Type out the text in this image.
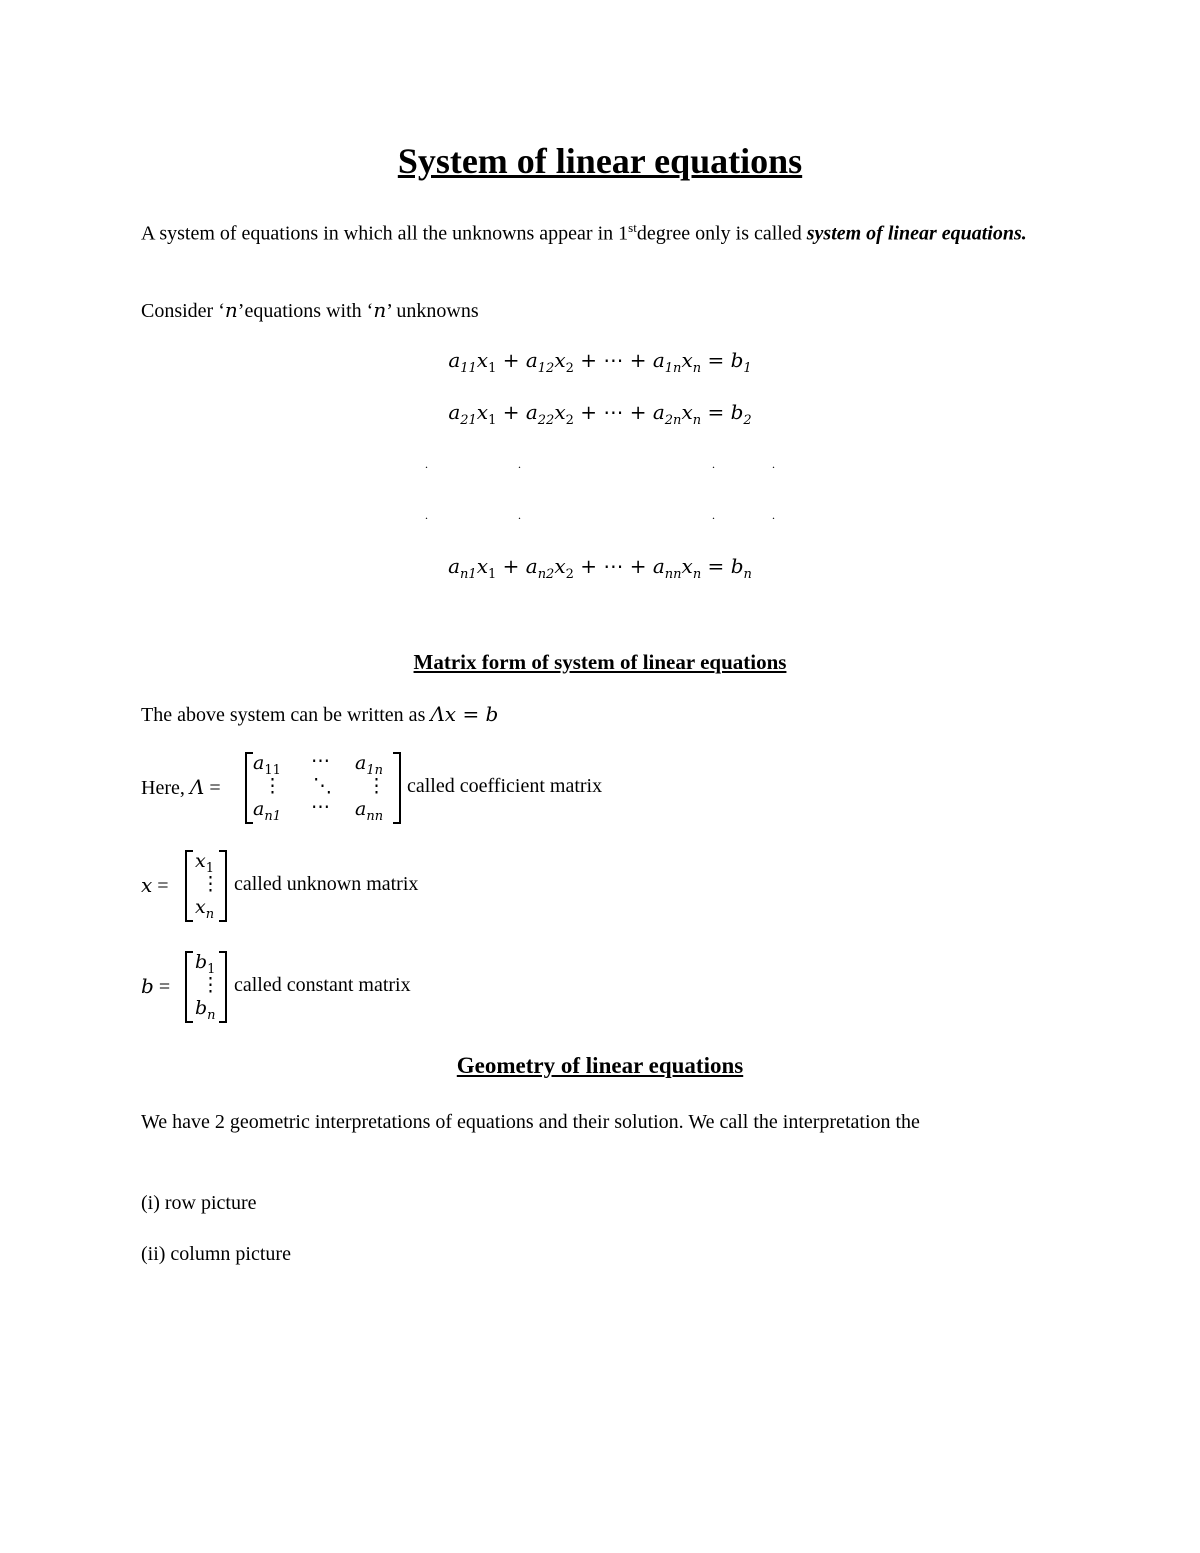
System of linear equations
A system of equations in which all the unknowns appear in 1stdegree only is called system of linear equations.
Consider ‘n’equations with ‘n’ unknowns
$a_{11}x_1 + a_{12}x_2$ + ⋯ + $a_{1n}x_n = b_1$
$a_{21}x_1 + a_{22}x_2$ + ⋯ + $a_{2n}x_n = b_2$
.	.	.	.
.	.	.	.
$a_{n1}x_1 + a_{n2}x_2$ + ⋯ + $a_{nn}x_n = b_n$
Matrix form of system of linear equations
The above system can be written as Λx = b
Here, Λ =
$a_{11}$ ⋯ $a_{1n}$
⋮ ⋱ ⋮
$a_{n1}$ ⋯ $a_{nn}$
called coefficient matrix
x =
$x_1$
⋮
$x_n$
called unknown matrix
b =
$b_1$
⋮
$b_n$
called constant matrix
Geometry of linear equations
We have 2 geometric interpretations of equations and their solution. We call the interpretation the
(i) row picture
(ii) column picture
